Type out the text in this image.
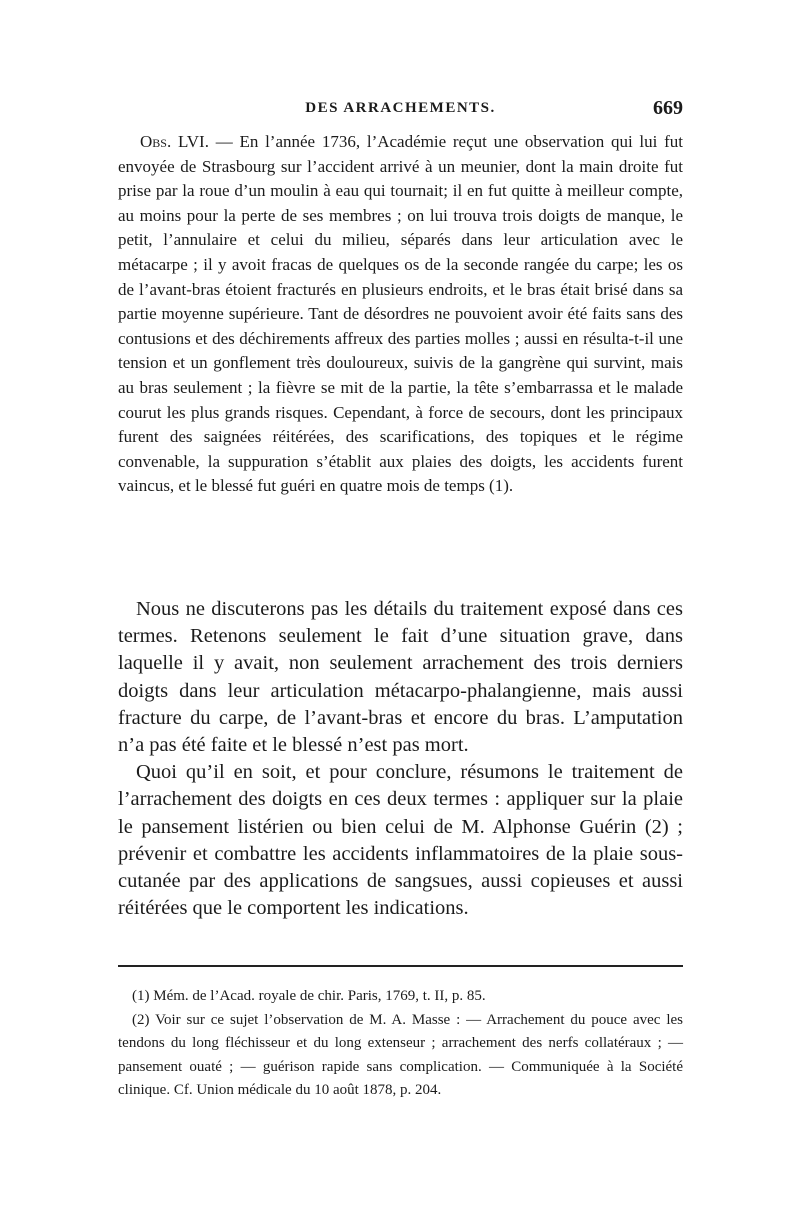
DES ARRACHEMENTS.	669

Obs. LVI. — En l’année 1736, l’Académie reçut une observation qui lui fut envoyée de Strasbourg sur l’accident arrivé à un meunier, dont la main droite fut prise par la roue d’un moulin à eau qui tournait; il en fut quitte à meilleur compte, au moins pour la perte de ses membres ; on lui trouva trois doigts de manque, le petit, l’annulaire et celui du milieu, séparés dans leur articulation avec le métacarpe ; il y avoit fracas de quelques os de la seconde rangée du carpe; les os de l’avant-bras étoient fracturés en plusieurs endroits, et le bras était brisé dans sa partie moyenne supérieure. Tant de désordres ne pouvoient avoir été faits sans des contusions et des déchirements affreux des parties molles ; aussi en résulta-t-il une tension et un gonflement très douloureux, suivis de la gangrène qui survint, mais au bras seulement ; la fièvre se mit de la partie, la tête s’embarrassa et le malade courut les plus grands risques. Cependant, à force de secours, dont les principaux furent des saignées réitérées, des scarifications, des topiques et le régime convenable, la suppuration s’établit aux plaies des doigts, les accidents furent vaincus, et le blessé fut guéri en quatre mois de temps (1).

Nous ne discuterons pas les détails du traitement exposé dans ces termes. Retenons seulement le fait d’une situation grave, dans laquelle il y avait, non seulement arrachement des trois derniers doigts dans leur articulation métacarpo-phalangienne, mais aussi fracture du carpe, de l’avant-bras et encore du bras. L’amputation n’a pas été faite et le blessé n’est pas mort.

Quoi qu’il en soit, et pour conclure, résumons le traitement de l’arrachement des doigts en ces deux termes : appliquer sur la plaie le pansement listérien ou bien celui de M. Alphonse Guérin (2) ; prévenir et combattre les accidents inflammatoires de la plaie sous-cutanée par des applications de sangsues, aussi copieuses et aussi réitérées que le comportent les indications.

(1) Mém. de l’Acad. royale de chir. Paris, 1769, t. II, p. 85.

(2) Voir sur ce sujet l’observation de M. A. Masse : — Arrachement du pouce avec les tendons du long fléchisseur et du long extenseur ; arrachement des nerfs collatéraux ; — pansement ouaté ; — guérison rapide sans complication. — Communiquée à la Société clinique. Cf. Union médicale du 10 août 1878, p. 204.
